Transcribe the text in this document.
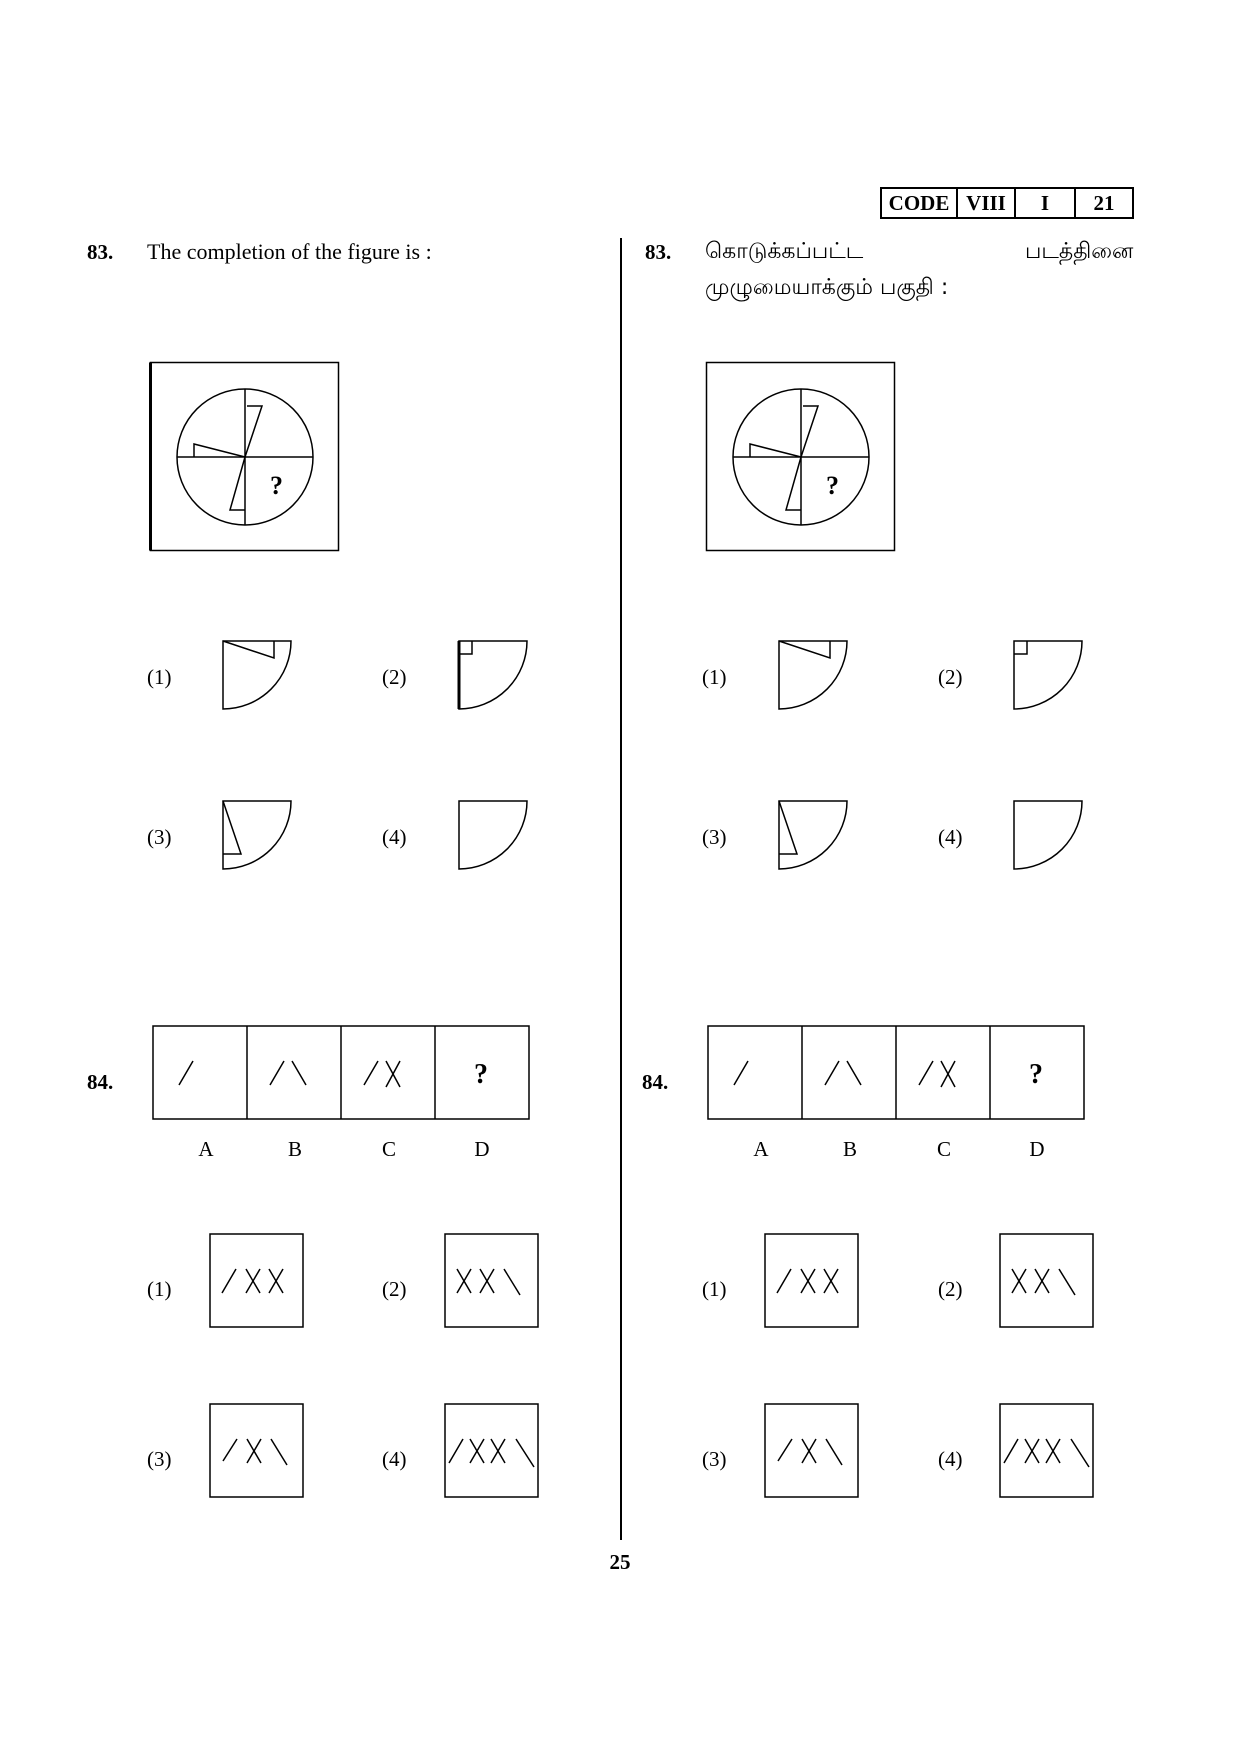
CODE VIII	I	21
83. The completion of the figure is :
?
(1)	(2)
(3)	(4)
84.	?
A	B	C	D
(1)	(2)
(3)	(4)
83. கொடுக்கப்பட்ட	படத்தினை
முழுமையாக்கும் பகுதி :
?
(1)	(2)
(3)	(4)
84.	?
A	B	C	D
(1)	(2)
(3)	(4)
25
